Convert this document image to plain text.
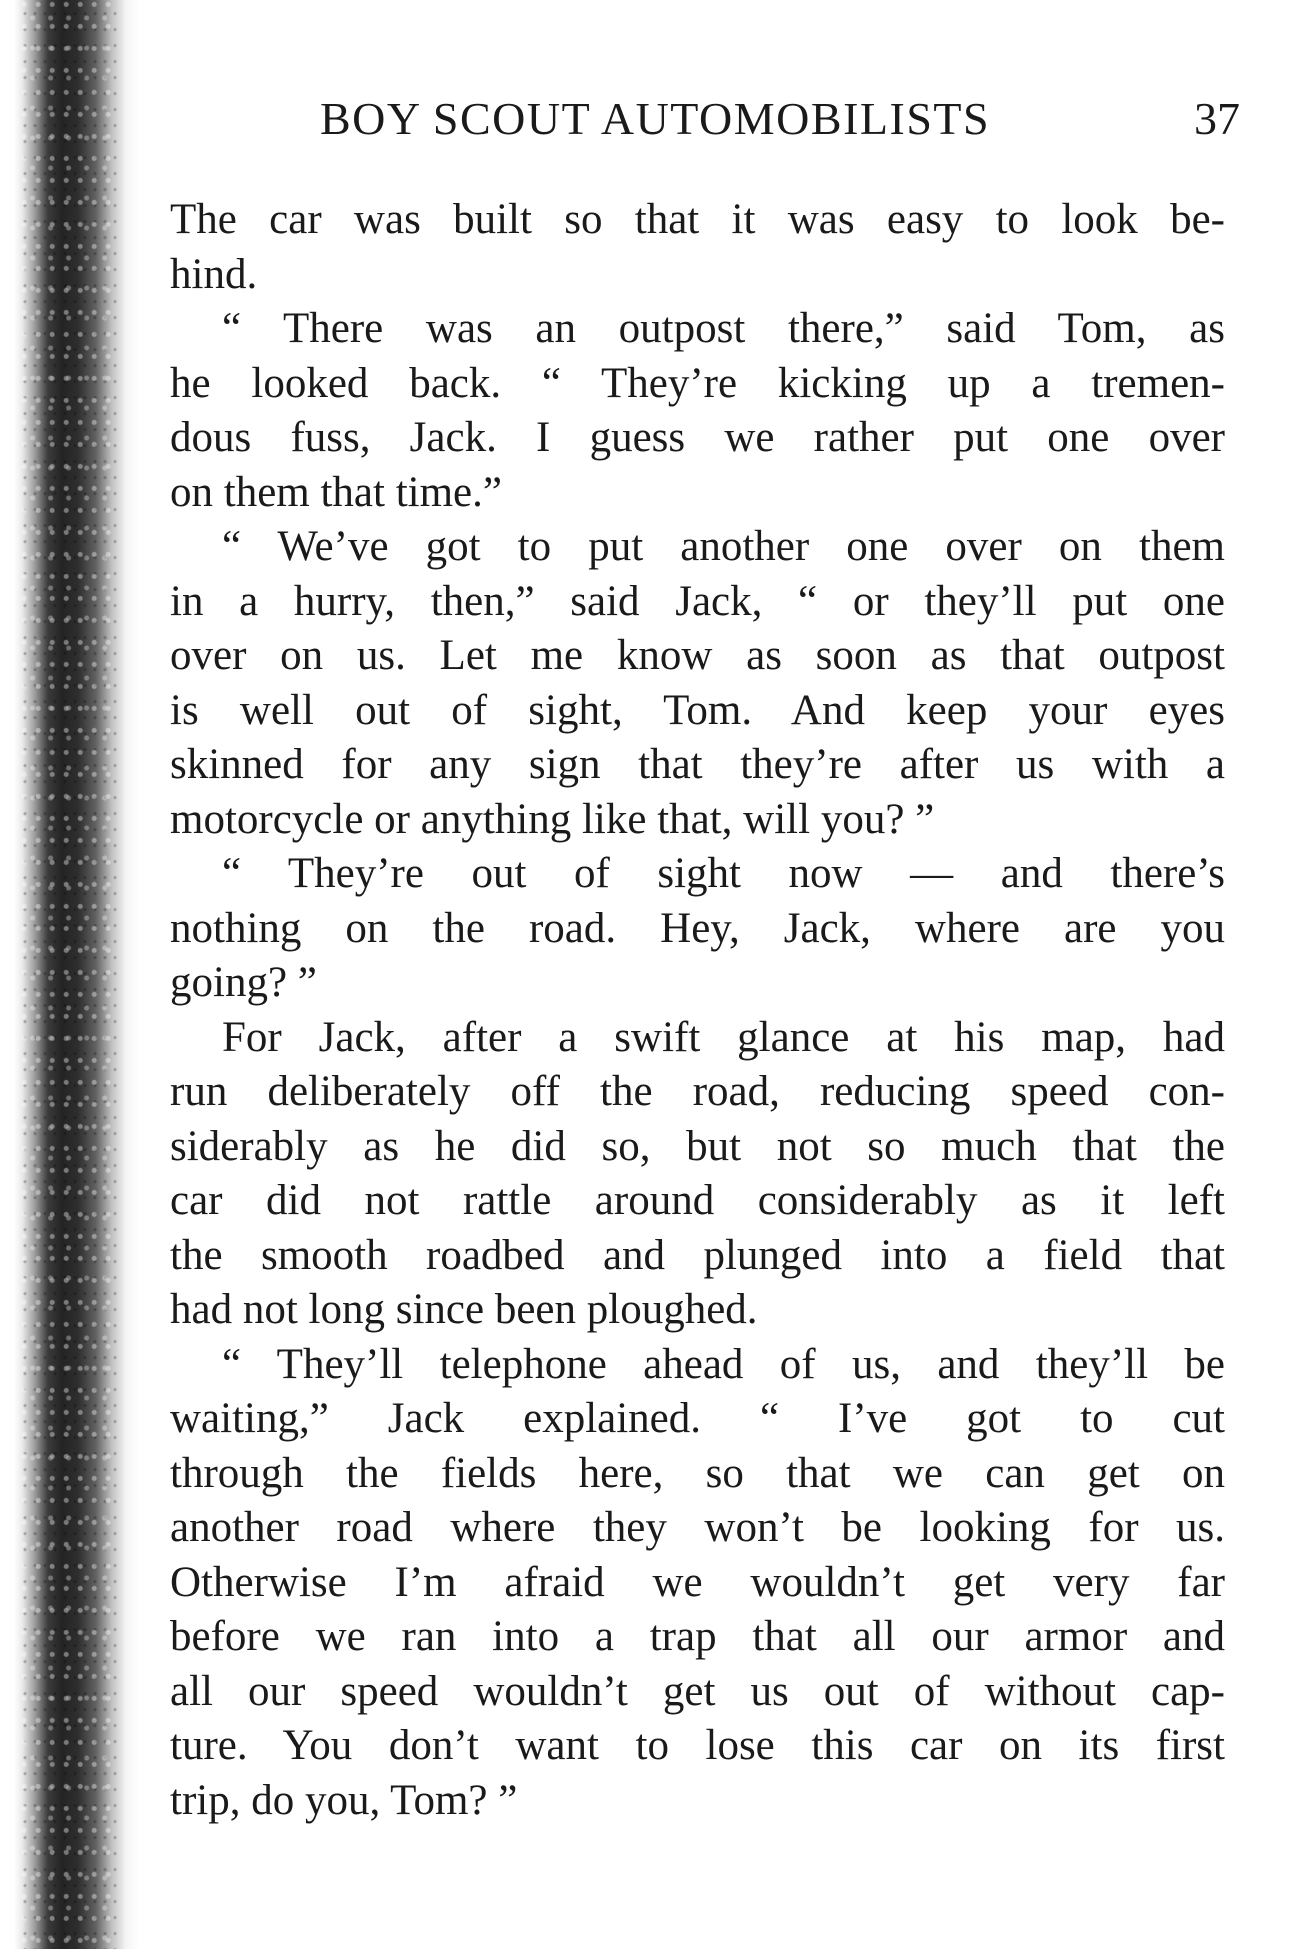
BOY SCOUT AUTOMOBILISTS	37
The car was built so that it was easy to look be-
hind.
“ There was an outpost there,” said Tom, as
he looked back. “ They’re kicking up a tremen-
dous fuss, Jack. I guess we rather put one over
on them that time.”
“ We’ve got to put another one over on them
in a hurry, then,” said Jack, “ or they’ll put one
over on us. Let me know as soon as that outpost
is well out of sight, Tom. And keep your eyes
skinned for any sign that they’re after us with a
motorcycle or anything like that, will you? ”
“ They’re out of sight now — and there’s
nothing on the road. Hey, Jack, where are you
going? ”
For Jack, after a swift glance at his map, had
run deliberately off the road, reducing speed con-
siderably as he did so, but not so much that the
car did not rattle around considerably as it left
the smooth roadbed and plunged into a field that
had not long since been ploughed.
“ They’ll telephone ahead of us, and they’ll be
waiting,” Jack explained. “ I’ve got to cut
through the fields here, so that we can get on
another road where they won’t be looking for us.
Otherwise I’m afraid we wouldn’t get very far
before we ran into a trap that all our armor and
all our speed wouldn’t get us out of without cap-
ture. You don’t want to lose this car on its first
trip, do you, Tom? ”
